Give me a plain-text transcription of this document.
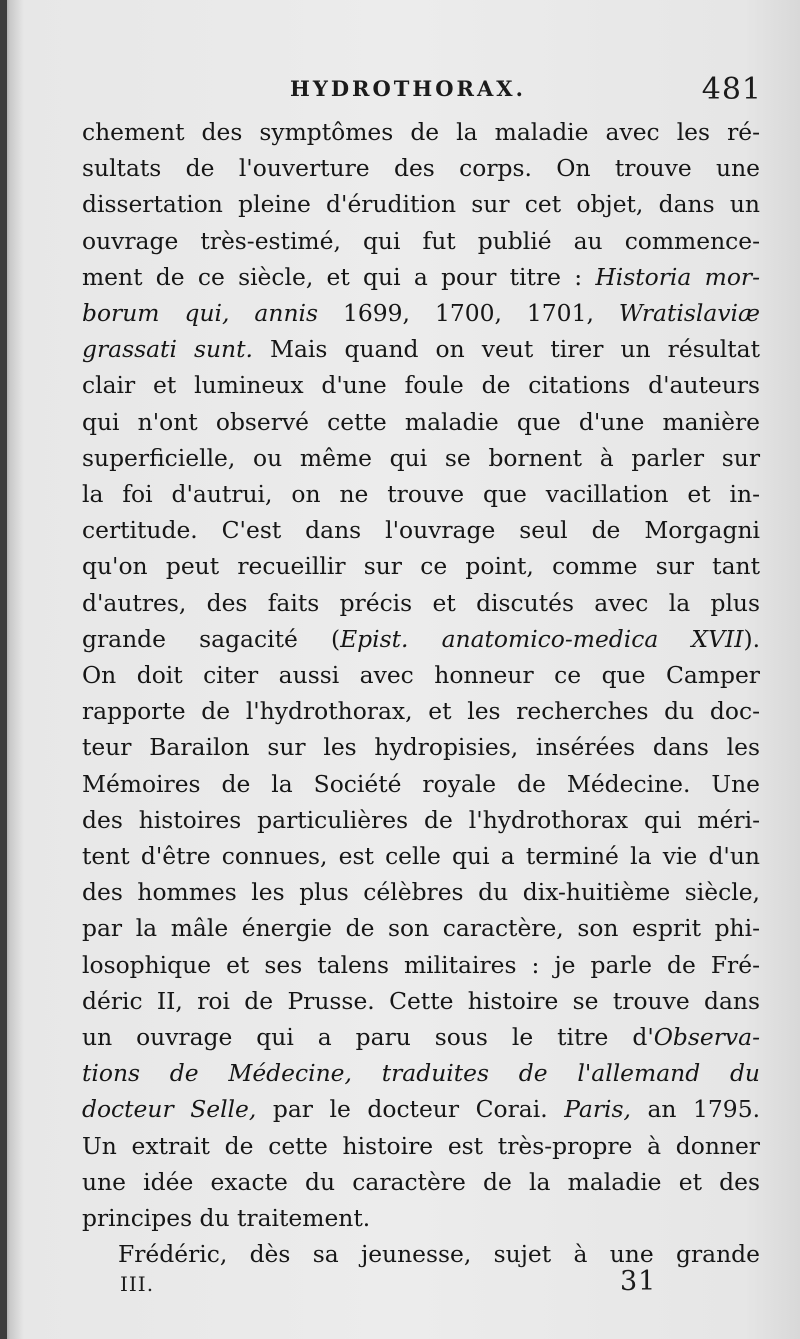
HYDROTHORAX.	481
chement des symptômes de la maladie avec les ré-
sultats de l'ouverture des corps. On trouve une
dissertation pleine d'érudition sur cet objet, dans un
ouvrage très-estimé, qui fut publié au commence-
ment de ce siècle, et qui a pour titre : Historia mor-
borum qui, annis 1699, 1700, 1701, Wratislaviæ
grassati sunt. Mais quand on veut tirer un résultat
clair et lumineux d'une foule de citations d'auteurs
qui n'ont observé cette maladie que d'une manière
superficielle, ou même qui se bornent à parler sur
la foi d'autrui, on ne trouve que vacillation et in-
certitude. C'est dans l'ouvrage seul de Morgagni
qu'on peut recueillir sur ce point, comme sur tant
d'autres, des faits précis et discutés avec la plus
grande sagacité (Epist. anatomico-medica XVII).
On doit citer aussi avec honneur ce que Camper
rapporte de l'hydrothorax, et les recherches du doc-
teur Barailon sur les hydropisies, insérées dans les
Mémoires de la Société royale de Médecine. Une
des histoires particulières de l'hydrothorax qui méri-
tent d'être connues, est celle qui a terminé la vie d'un
des hommes les plus célèbres du dix-huitième siècle,
par la mâle énergie de son caractère, son esprit phi-
losophique et ses talens militaires : je parle de Fré-
déric II, roi de Prusse. Cette histoire se trouve dans
un ouvrage qui a paru sous le titre d'Observa-
tions de Médecine, traduites de l'allemand du
docteur Selle, par le docteur Corai. Paris, an 1795.
Un extrait de cette histoire est très-propre à donner
une idée exacte du caractère de la maladie et des
principes du traitement.
Frédéric, dès sa jeunesse, sujet à une grande
III.	31
